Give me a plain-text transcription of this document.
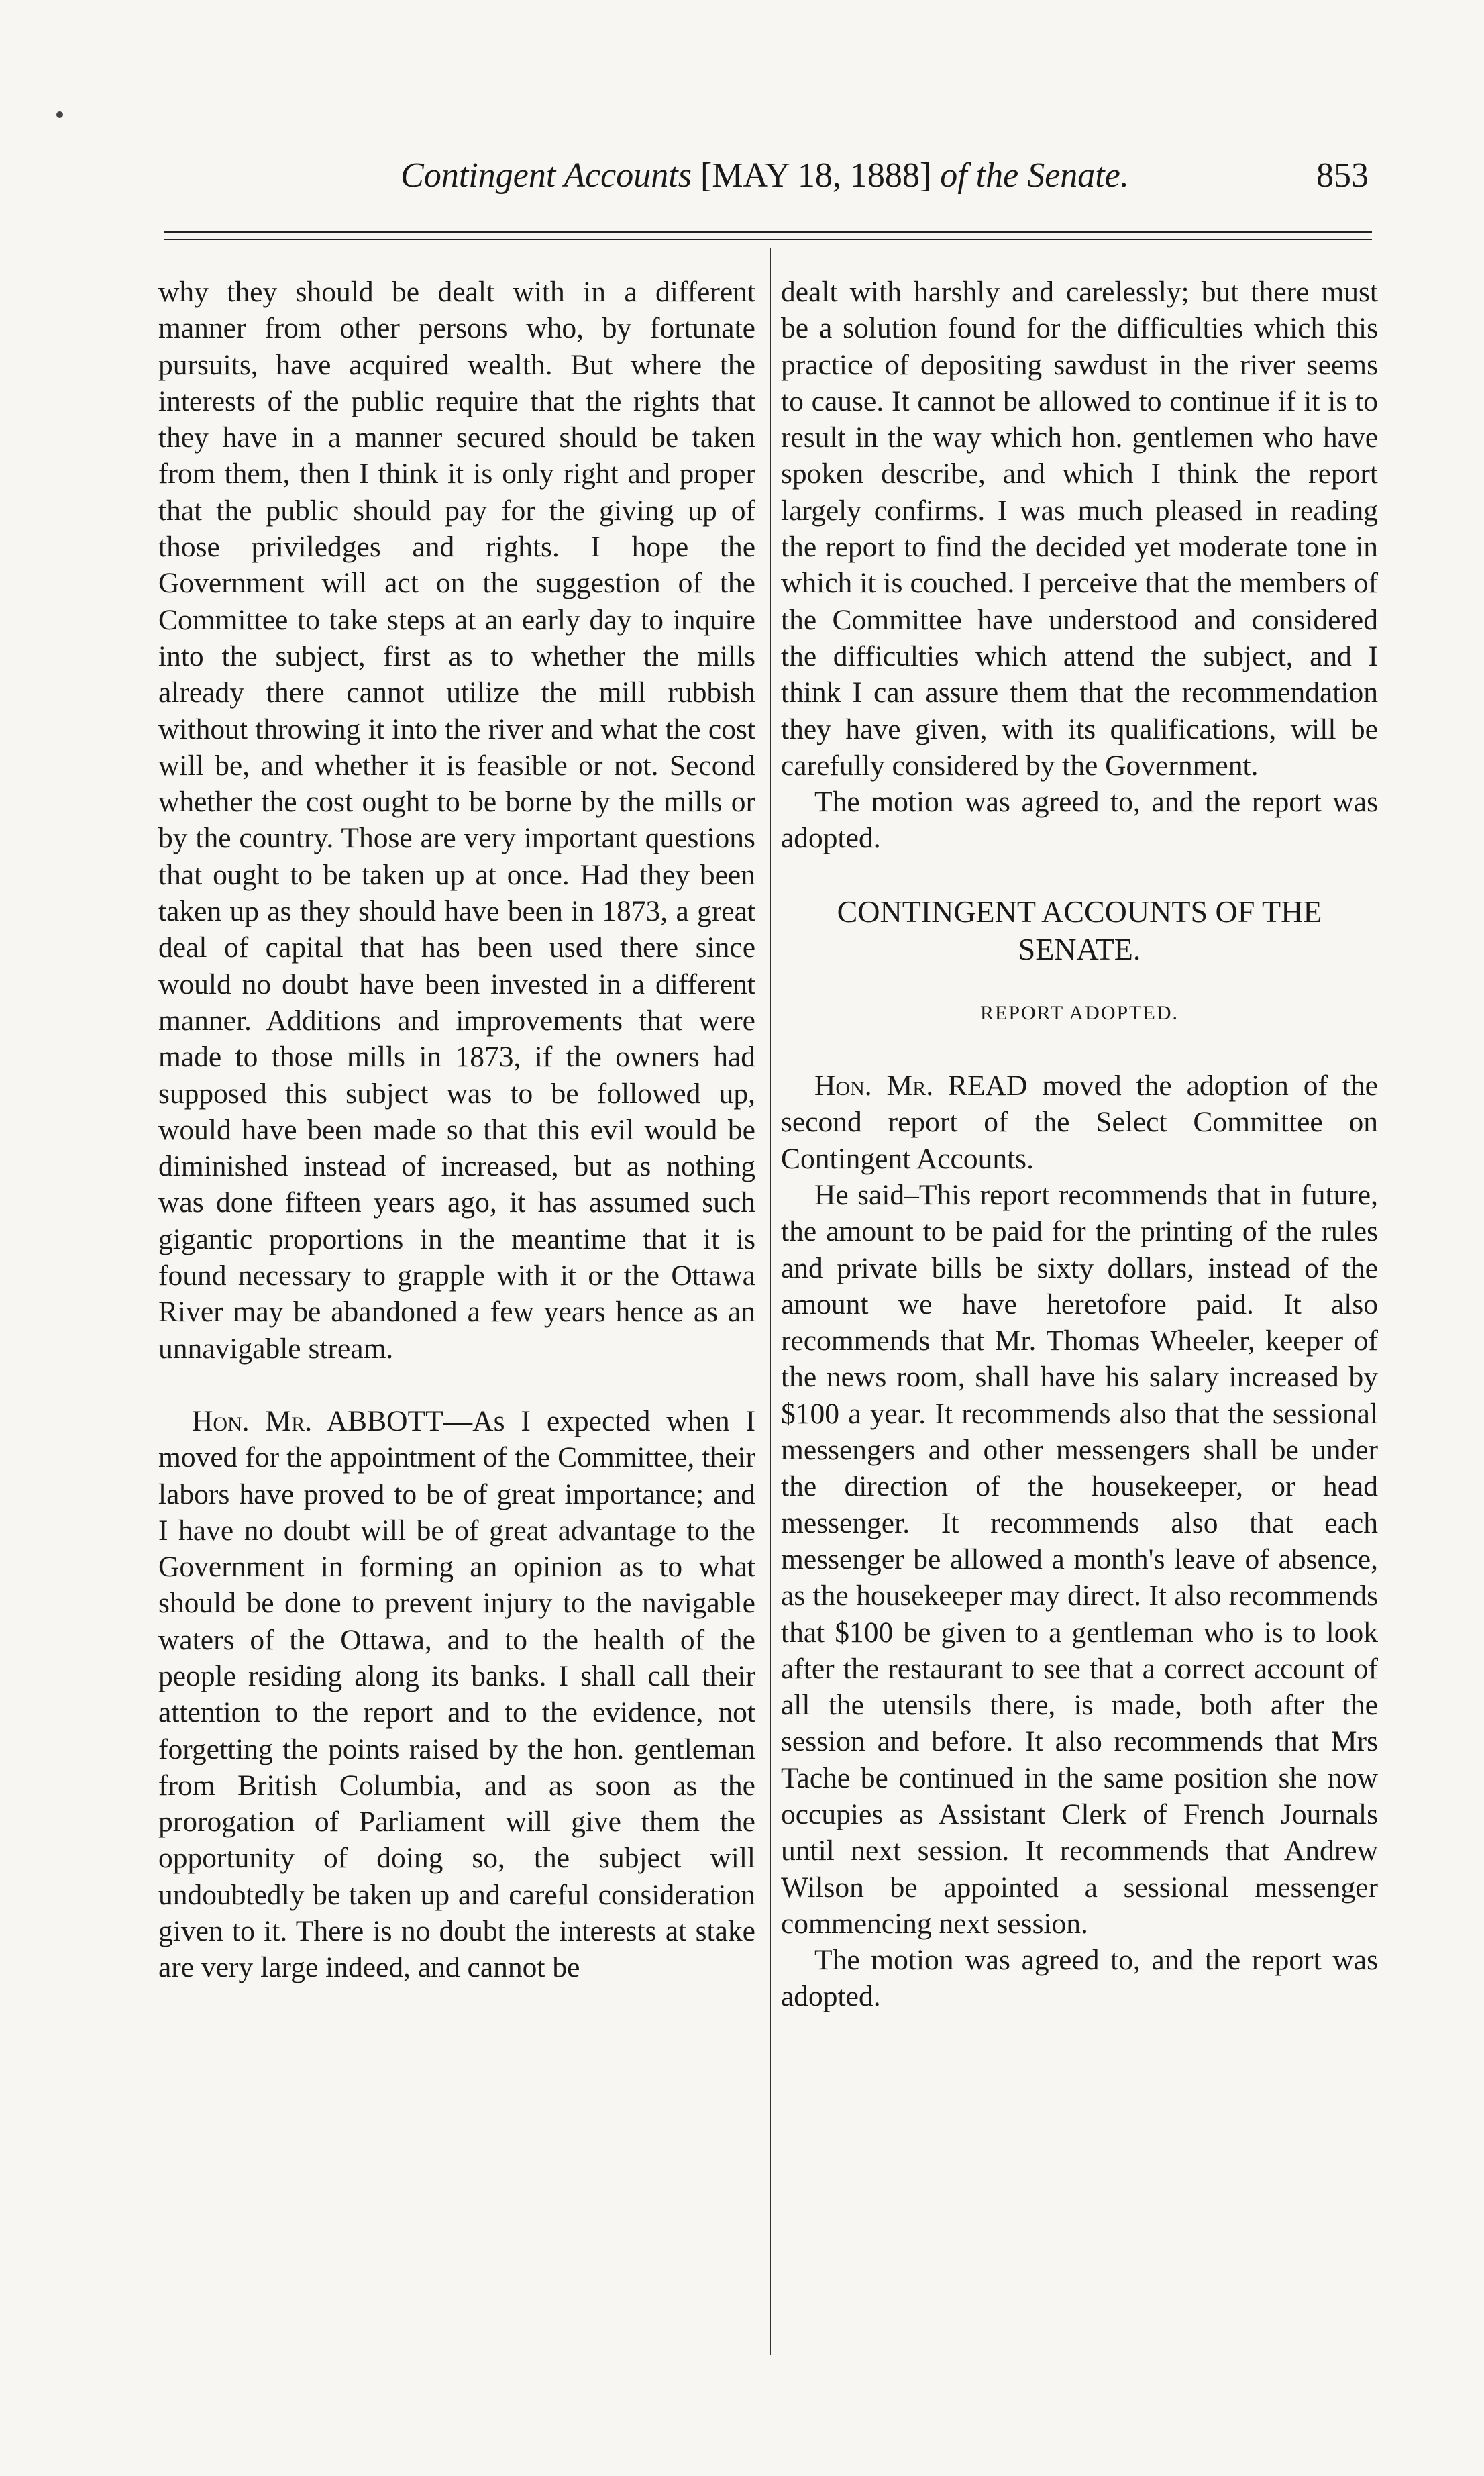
Contingent Accounts [MAY 18, 1888] of the Senate.	853

why they should be dealt with in a different manner from other persons who, by fortunate pursuits, have acquired wealth. But where the interests of the public require that the rights that they have in a manner secured should be taken from them, then I think it is only right and proper that the public should pay for the giving up of those priviledges and rights. I hope the Government will act on the suggestion of the Committee to take steps at an early day to inquire into the subject, first as to whether the mills already there cannot utilize the mill rubbish without throwing it into the river and what the cost will be, and whether it is feasible or not. Second whether the cost ought to be borne by the mills or by the country. Those are very important questions that ought to be taken up at once. Had they been taken up as they should have been in 1873, a great deal of capital that has been used there since would no doubt have been invested in a different manner. Additions and improvements that were made to those mills in 1873, if the owners had supposed this subject was to be followed up, would have been made so that this evil would be diminished instead of increased, but as nothing was done fifteen years ago, it has assumed such gigantic proportions in the meantime that it is found necessary to grapple with it or the Ottawa River may be abandoned a few years hence as an unnavigable stream.

Hon. Mr. ABBOTT—As I expected when I moved for the appointment of the Committee, their labors have proved to be of great importance; and I have no doubt will be of great advantage to the Government in forming an opinion as to what should be done to prevent injury to the navigable waters of the Ottawa, and to the health of the people residing along its banks. I shall call their attention to the report and to the evidence, not forgetting the points raised by the hon. gentleman from British Columbia, and as soon as the prorogation of Parliament will give them the opportunity of doing so, the subject will undoubtedly be taken up and careful consideration given to it. There is no doubt the interests at stake are very large indeed, and cannot be

dealt with harshly and carelessly; but there must be a solution found for the difficulties which this practice of depositing sawdust in the river seems to cause. It cannot be allowed to continue if it is to result in the way which hon. gentlemen who have spoken describe, and which I think the report largely confirms. I was much pleased in reading the report to find the decided yet moderate tone in which it is couched. I perceive that the members of the Committee have understood and considered the difficulties which attend the subject, and I think I can assure them that the recommendation they have given, with its qualifications, will be carefully considered by the Government.

The motion was agreed to, and the report was adopted.

CONTINGENT ACCOUNTS OF THE SENATE.
REPORT ADOPTED.

Hon. Mr. READ moved the adoption of the second report of the Select Committee on Contingent Accounts.

He said–This report recommends that in future, the amount to be paid for the printing of the rules and private bills be sixty dollars, instead of the amount we have heretofore paid. It also recommends that Mr. Thomas Wheeler, keeper of the news room, shall have his salary increased by $100 a year. It recommends also that the sessional messengers and other messengers shall be under the direction of the housekeeper, or head messenger. It recommends also that each messenger be allowed a month's leave of absence, as the housekeeper may direct. It also recommends that $100 be given to a gentleman who is to look after the restaurant to see that a correct account of all the utensils there, is made, both after the session and before. It also recommends that Mrs Tache be continued in the same position she now occupies as Assistant Clerk of French Journals until next session. It recommends that Andrew Wilson be appointed a sessional messenger commencing next session.

The motion was agreed to, and the report was adopted.
